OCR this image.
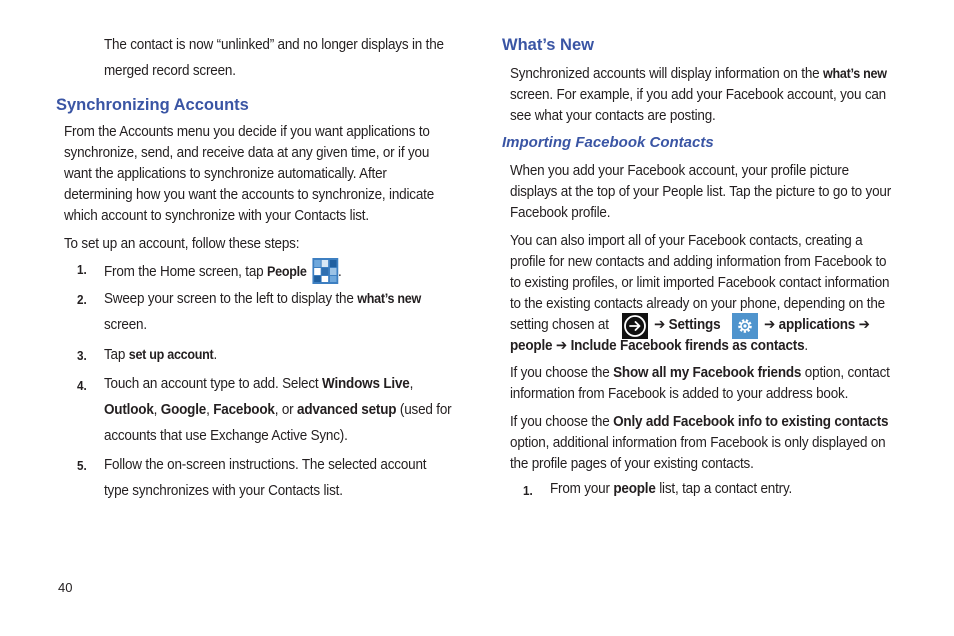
The contact is now “unlinked” and no longer displays in the
merged record screen.
Synchronizing Accounts
From the Accounts menu you decide if you want applications to
synchronize, send, and receive data at any given time, or if you
want the applications to synchronize automatically. After
determining how you want the accounts to synchronize, indicate
which account to synchronize with your Contacts list.
To set up an account, follow these steps:
1. From the Home screen, tap People .
2. Sweep your screen to the left to display the what’s new
screen.
3. Tap set up account.
4. Touch an account type to add. Select Windows Live,
Outlook, Google, Facebook, or advanced setup (used for
accounts that use Exchange Active Sync).
5. Follow the on-screen instructions. The selected account
type synchronizes with your Contacts list.
What’s New
Synchronized accounts will display information on the what’s new
screen. For example, if you add your Facebook account, you can
see what your contacts are posting.
Importing Facebook Contacts
When you add your Facebook account, your profile picture
displays at the top of your People list. Tap the picture to go to your
Facebook profile.
You can also import all of your Facebook contacts, creating a
profile for new contacts and adding information from Facebook to
to existing profiles, or limit imported Facebook contact information
to the existing contacts already on your phone, depending on the
setting chosen at	➔ Settings	➔ applications ➔
people ➔ Include Facebook firends as contacts.
If you choose the Show all my Facebook friends option, contact
information from Facebook is added to your address book.
If you choose the Only add Facebook info to existing contacts
option, additional information from Facebook is only displayed on
the profile pages of your existing contacts.
1. From your people list, tap a contact entry.
40
